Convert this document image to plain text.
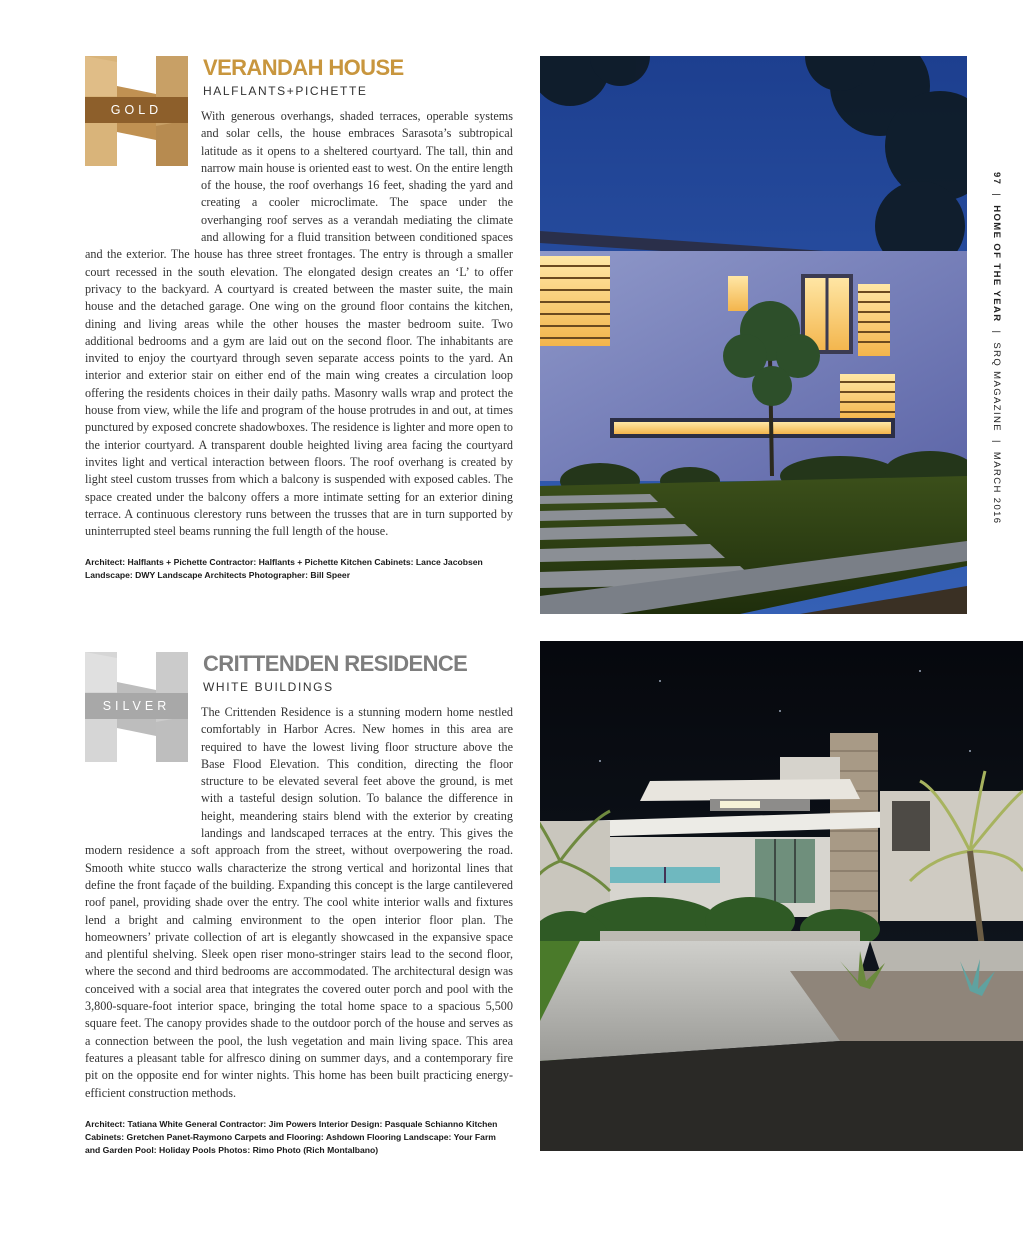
GOLD
VERANDAH HOUSE
HALFLANTS+PICHETTE

With generous overhangs, shaded terraces, operable systems and solar cells, the house embraces Sarasota’s subtropical latitude as it opens to a sheltered courtyard. The tall, thin and narrow main house is oriented east to west. On the entire length of the house, the roof overhangs 16 feet, shading the yard and creating a cooler microclimate. The space under the overhanging roof serves as a verandah mediating the climate and allowing for a fluid transition between conditioned spaces and the exterior. The house has three street frontages. The entry is through a smaller court recessed in the south elevation. The elongated design creates an ‘L’ to offer privacy to the backyard. A courtyard is created between the master suite, the main house and the detached garage. One wing on the ground floor contains the kitchen, dining and living areas while the other houses the master bedroom suite. Two additional bedrooms and a gym are laid out on the second floor. The inhabitants are invited to enjoy the courtyard through seven separate access points to the yard. An interior and exterior stair on either end of the main wing creates a circulation loop offering the residents choices in their daily paths. Masonry walls wrap and protect the house from view, while the life and program of the house protrudes in and out, at times punctured by exposed concrete shadowboxes. The residence is lighter and more open to the interior courtyard. A transparent double heighted living area facing the courtyard invites light and vertical interaction between floors. The roof overhang is created by light steel custom trusses from which a balcony is suspended with exposed cables. The space created under the balcony offers a more intimate setting for an exterior dining terrace. A continuous clerestory runs between the trusses that are in turn supported by uninterrupted steel beams running the full length of the house.

Architect: Halflants + Pichette Contractor: Halflants + Pichette Kitchen Cabinets: Lance Jacobsen Landscape: DWY Landscape Architects Photographer: Bill Speer
SILVER
CRITTENDEN RESIDENCE
WHITE BUILDINGS

The Crittenden Residence is a stunning modern home nestled comfortably in Harbor Acres. New homes in this area are required to have the lowest living floor structure above the Base Flood Elevation. This condition, directing the floor structure to be elevated several feet above the ground, is met with a tasteful design solution. To balance the difference in height, meandering stairs blend with the exterior by creating landings and landscaped terraces at the entry. This gives the modern residence a soft approach from the street, without overpowering the road. Smooth white stucco walls characterize the strong vertical and horizontal lines that define the front façade of the building. Expanding this concept is the large cantilevered roof panel, providing shade over the entry. The cool white interior walls and fixtures lend a bright and calming environment to the open interior floor plan. The homeowners’ private collection of art is elegantly showcased in the expansive space and plentiful shelving. Sleek open riser mono-stringer stairs lead to the second floor, where the second and third bedrooms are accommodated. The architectural design was conceived with a social area that integrates the covered outer porch and pool with the 3,800-square-foot interior space, bringing the total home space to a spacious 5,500 square feet. The canopy provides shade to the outdoor porch of the house and serves as a connection between the pool, the lush vegetation and main living space. This area features a pleasant table for alfresco dining on summer days, and a contemporary fire pit on the opposite end for winter nights. This home has been built practicing energy-efficient construction methods.

Architect: Tatiana White General Contractor: Jim Powers Interior Design: Pasquale Schianno Kitchen Cabinets: Gretchen Panet-Raymono Carpets and Flooring: Ashdown Flooring Landscape: Your Farm and Garden Pool: Holiday Pools Photos: Rimo Photo (Rich Montalbano)
97|HOME OF THE YEAR|SRQ MAGAZINE|MARCH 2016
